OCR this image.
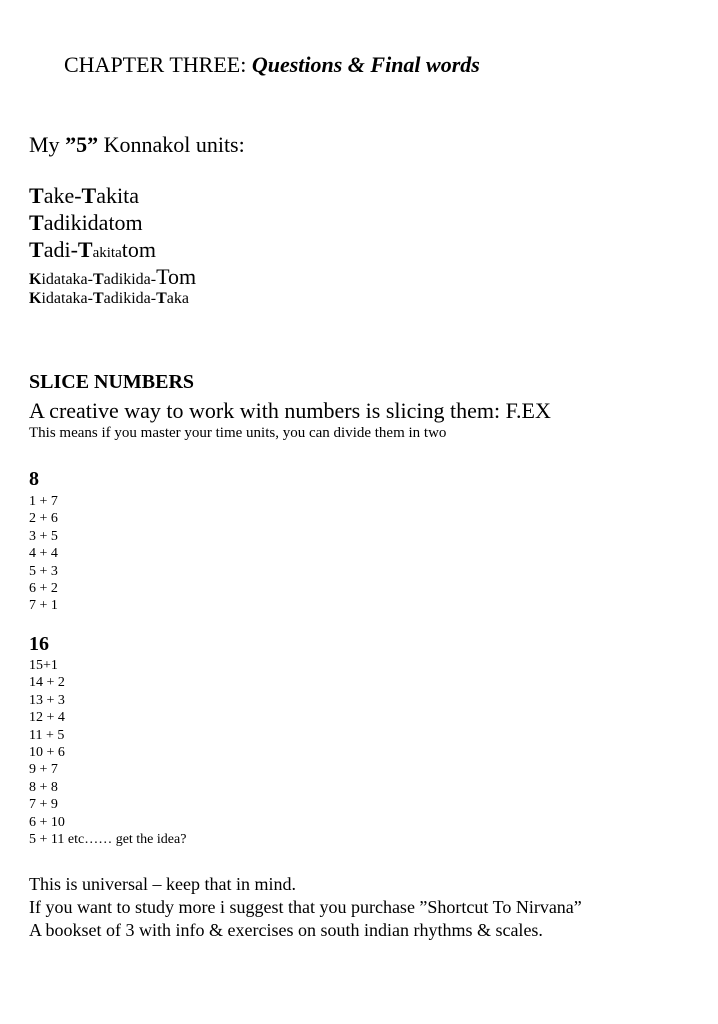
CHAPTER THREE: Questions & Final words
My ”5” Konnakol units:
Take-Takita
Tadikidatom
Tadi-Takitatom
Kidataka-Tadikida-Tom
Kidataka-Tadikida-Taka
SLICE NUMBERS
A creative way to work with numbers is slicing them: F.EX
This means if you master your time units, you can divide them in two
8
1 + 7
2 + 6
3 + 5
4 + 4
5 + 3
6 + 2
7 + 1
16
15+1
14 + 2
13 + 3
12 + 4
11 + 5
10 + 6
9 + 7
8 + 8
7 + 9
6 + 10
5 + 11 etc…… get the idea?
This is universal – keep that in mind.
If you want to study more i suggest that you purchase ”Shortcut To Nirvana”
A bookset of 3 with info & exercises on south indian rhythms & scales.
